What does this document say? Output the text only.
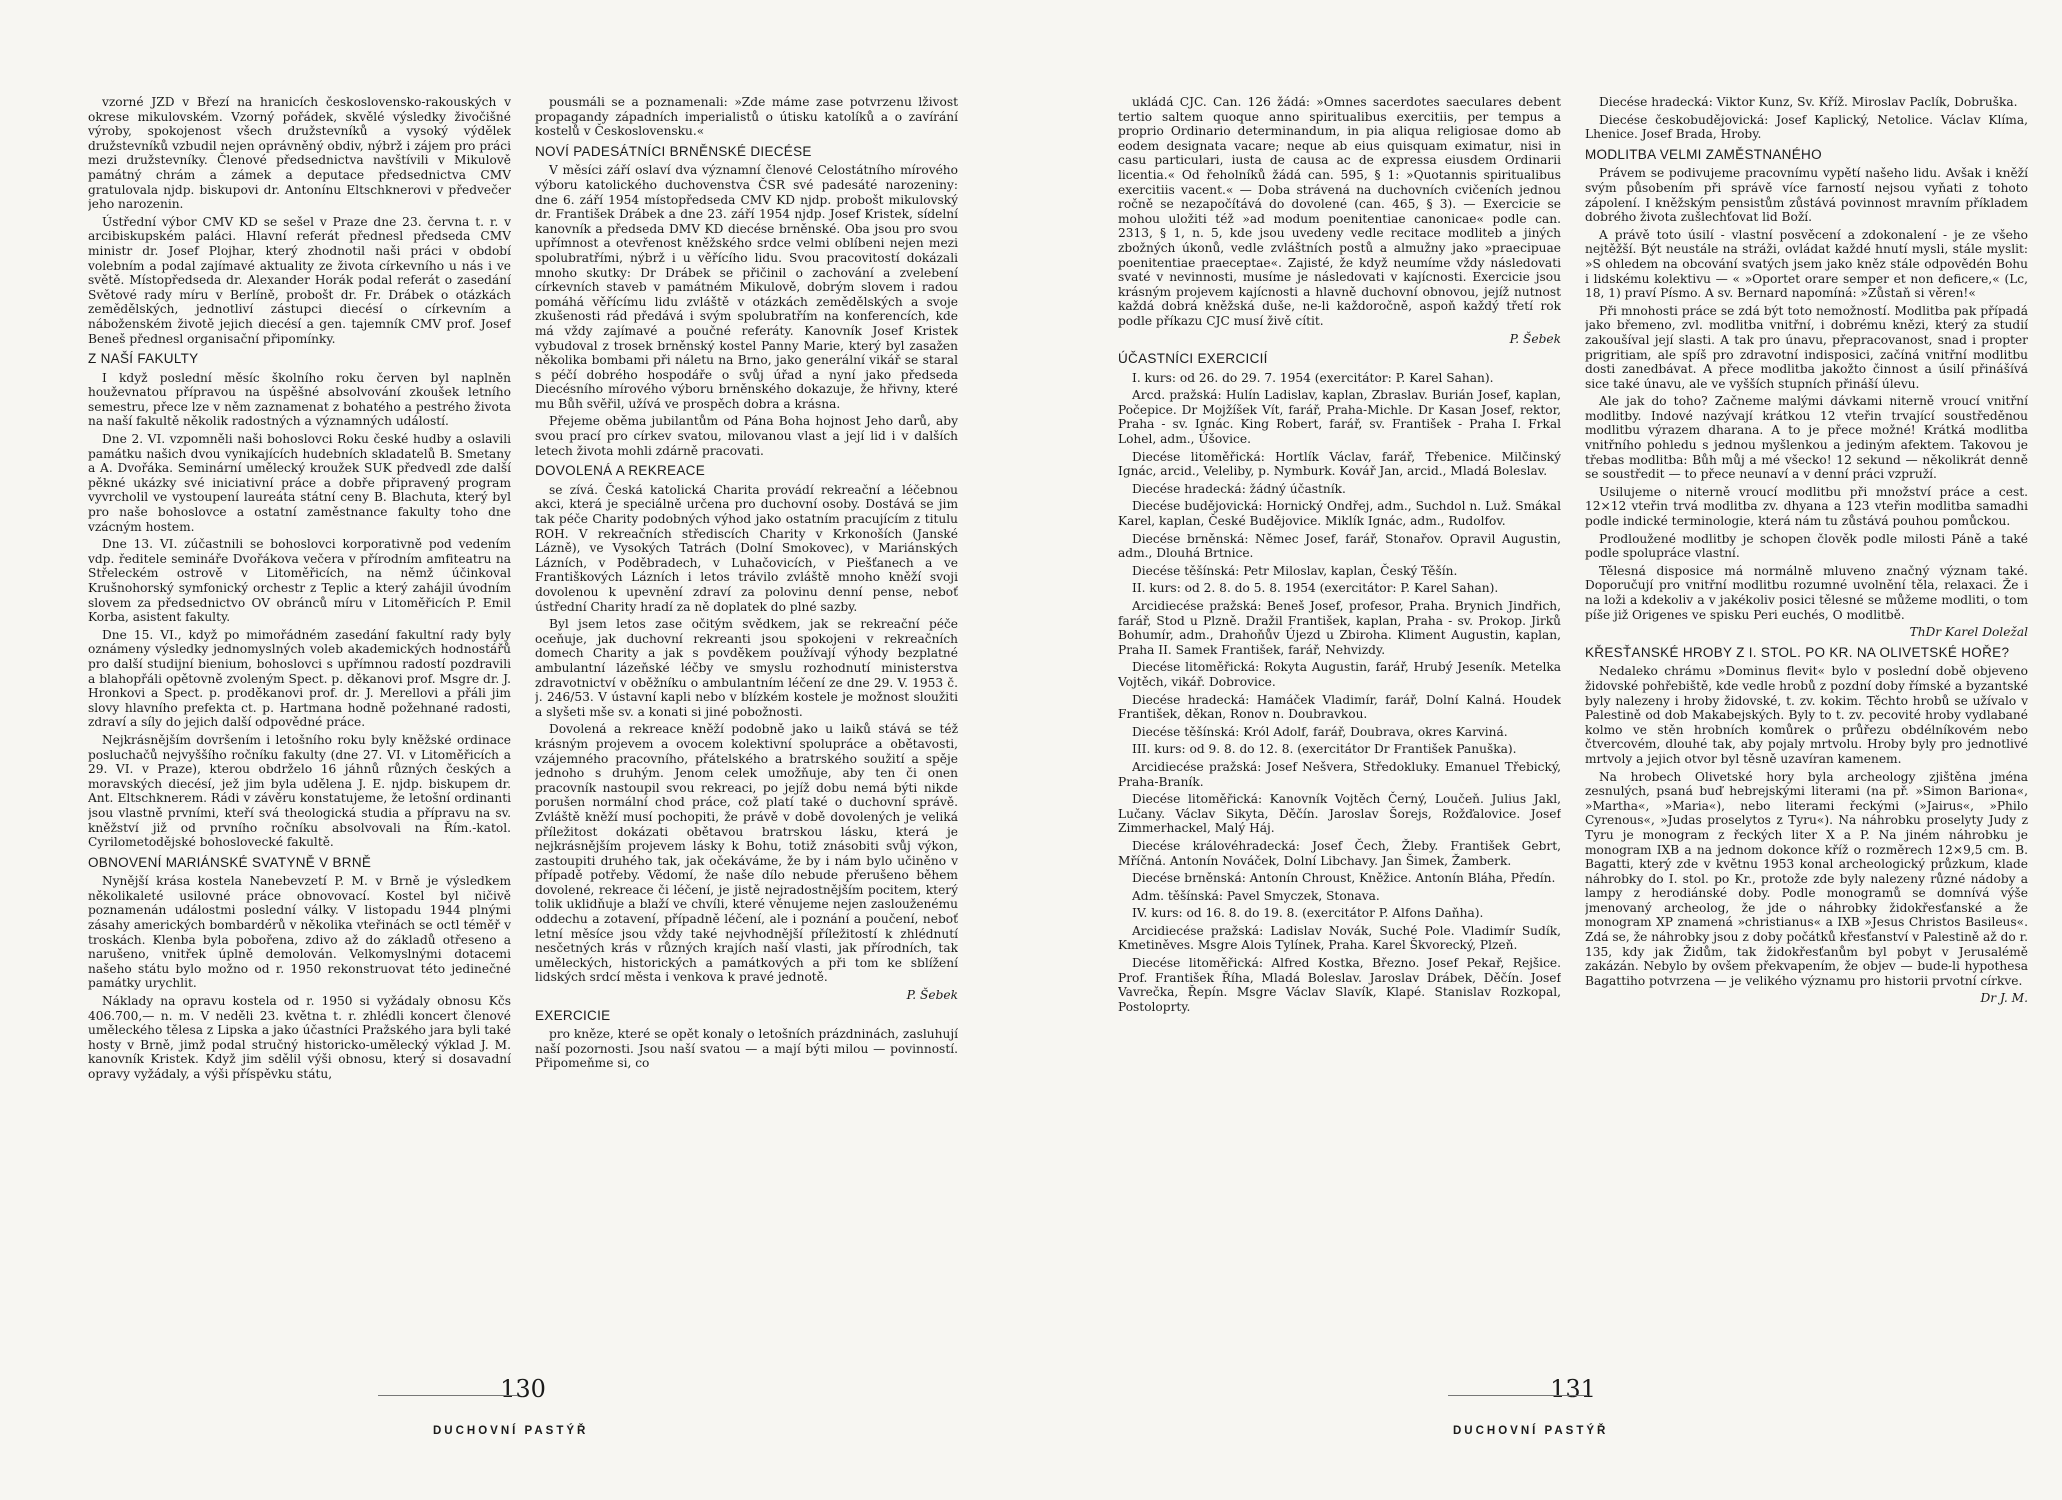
vzorné JZD v Březí na hranicích československo-rakouských v okrese mikulovském. Vzorný pořádek, skvělé výsledky živočišné výroby, spokojenost všech družstevníků a vysoký výdělek družstevníků vzbudil nejen oprávněný obdiv, nýbrž i zájem pro práci mezi družstevníky. Členové předsednictva navštívili v Mikulově památný chrám a zámek a deputace předsednictva CMV gratulovala njdp. biskupovi dr. Antonínu Eltschknerovi v předvečer jeho narozenin.

Ústřední výbor CMV KD se sešel v Praze dne 23. června t. r. v arcibiskupském paláci. Hlavní referát přednesl předseda CMV ministr dr. Josef Plojhar, který zhodnotil naši práci v období volebním a podal zajímavé aktuality ze života církevního u nás i ve světě. Místopředseda dr. Alexander Horák podal referát o zasedání Světové rady míru v Berlíně, probošt dr. Fr. Drábek o otázkách zemědělských, jednotliví zástupci diecésí o církevním a náboženském životě jejich diecésí a gen. tajemník CMV prof. Josef Beneš přednesl organisační připomínky.

Z NAŠÍ FAKULTY

I když poslední měsíc školního roku červen byl naplněn houževnatou přípravou na úspěšné absolvování zkoušek letního semestru, přece lze v něm zaznamenat z bohatého a pestrého života na naší fakultě několik radostných a významných událostí.

Dne 2. VI. vzpomněli naši bohoslovci Roku české hudby a oslavili památku našich dvou vynikajících hudebních skladatelů B. Smetany a A. Dvořáka. Seminární umělecký kroužek SUK předvedl zde další pěkné ukázky své iniciativní práce a dobře připravený program vyvrcholil ve vystoupení laureáta státní ceny B. Blachuta, který byl pro naše bohoslovce a ostatní zaměstnance fakulty toho dne vzácným hostem.

Dne 13. VI. zúčastnili se bohoslovci korporativně pod vedením vdp. ředitele semináře Dvořákova večera v přírodním amfiteatru na Střeleckém ostrově v Litoměřicích, na němž účinkoval Krušnohorský symfonický orchestr z Teplic a který zahájil úvodním slovem za předsednictvo OV obránců míru v Litoměřicích P. Emil Korba, asistent fakulty.

Dne 15. VI., když po mimořádném zasedání fakultní rady byly oznámeny výsledky jednomyslných voleb akademických hodnostářů pro další studijní bienium, bohoslovci s upřímnou radostí pozdravili a blahopřáli opětovně zvoleným Spect. p. děkanovi prof. Msgre dr. J. Hronkovi a Spect. p. proděkanovi prof. dr. J. Merellovi a přáli jim slovy hlavního prefekta ct. p. Hartmana hodně požehnané radosti, zdraví a síly do jejich další odpovědné práce.

Nejkrásnějším dovršením i letošního roku byly kněžské ordinace posluchačů nejvyššího ročníku fakulty (dne 27. VI. v Litoměřicích a 29. VI. v Praze), kterou obdrželo 16 jáhnů různých českých a moravských diecésí, jež jim byla udělena J. E. njdp. biskupem dr. Ant. Eltschknerem. Rádi v závěru konstatujeme, že letošní ordinanti jsou vlastně prvními, kteří svá theologická studia a přípravu na sv. kněžství již od prvního ročníku absolvovali na Řím.-katol. Cyrilometodějské bohoslovecké fakultě.

OBNOVENÍ MARIÁNSKÉ SVATYNĚ V BRNĚ

Nynější krása kostela Nanebevzetí P. M. v Brně je výsledkem několikaleté usilovné práce obnovovací. Kostel byl ničivě poznamenán událostmi poslední války. V listopadu 1944 plnými zásahy amerických bombardérů v několika vteřinách se octl téměř v troskách. Klenba byla pobořena, zdivo až do základů otřeseno a narušeno, vnitřek úplně demolován. Velkomyslnými dotacemi našeho státu bylo možno od r. 1950 rekonstruovat této jedinečné památky urychlit.

Náklady na opravu kostela od r. 1950 si vyžádaly obnosu Kčs 406.700,— n. m. V neděli 23. května t. r. zhlédli koncert členové uměleckého tělesa z Lipska a jako účastníci Pražského jara byli také hosty v Brně, jimž podal stručný historicko-umělecký výklad J. M. kanovník Kristek. Když jim sdělil výši obnosu, který si dosavadní opravy vyžádaly, a výši příspěvku státu,

pousmáli se a poznamenali: »Zde máme zase potvrzenu lživost propagandy západních imperialistů o útisku katolíků a o zavírání kostelů v Československu.«

NOVÍ PADESÁTNÍCI BRNĚNSKÉ DIECÉSE

V měsíci září oslaví dva významní členové Celostátního mírového výboru katolického duchovenstva ČSR své padesáté narozeniny: dne 6. září 1954 místopředseda CMV KD njdp. probošt mikulovský dr. František Drábek a dne 23. září 1954 njdp. Josef Kristek, sídelní kanovník a předseda DMV KD diecése brněnské. Oba jsou pro svou upřímnost a otevřenost kněžského srdce velmi oblíbeni nejen mezi spolubratřími, nýbrž i u věřícího lidu. Svou pracovitostí dokázali mnoho skutky: Dr Drábek se přičinil o zachování a zvelebení církevních staveb v památném Mikulově, dobrým slovem i radou pomáhá věřícímu lidu zvláště v otázkách zemědělských a svoje zkušenosti rád předává i svým spolubratřím na konferencích, kde má vždy zajímavé a poučné referáty. Kanovník Josef Kristek vybudoval z trosek brněnský kostel Panny Marie, který byl zasažen několika bombami při náletu na Brno, jako generální vikář se staral s péčí dobrého hospodáře o svůj úřad a nyní jako předseda Diecésního mírového výboru brněnského dokazuje, že hřivny, které mu Bůh svěřil, užívá ve prospěch dobra a krásna.

Přejeme oběma jubilantům od Pána Boha hojnost Jeho darů, aby svou prací pro církev svatou, milovanou vlast a její lid i v dalších letech života mohli zdárně pracovati.

DOVOLENÁ A REKREACE

se zívá. Česká katolická Charita provádí rekreační a léčebnou akci, která je speciálně určena pro duchovní osoby. Dostává se jim tak péče Charity podobných výhod jako ostatním pracujícím z titulu ROH. V rekreačních střediscích Charity v Krkonoších (Janské Lázně), ve Vysokých Tatrách (Dolní Smokovec), v Mariánských Lázních, v Poděbradech, v Luhačovicích, v Piešťanech a ve Františkových Lázních i letos trávilo zvláště mnoho kněží svoji dovolenou k upevnění zdraví za polovinu denní pense, neboť ústřední Charity hradí za ně doplatek do plné sazby.

Byl jsem letos zase očitým svědkem, jak se rekreační péče oceňuje, jak duchovní rekreanti jsou spokojeni v rekreačních domech Charity a jak s povděkem používají výhody bezplatné ambulantní lázeňské léčby ve smyslu rozhodnutí ministerstva zdravotnictví v oběžníku o ambulantním léčení ze dne 29. V. 1953 č. j. 246/53. V ústavní kapli nebo v blízkém kostele je možnost sloužiti a slyšeti mše sv. a konati si jiné pobožnosti.

Dovolená a rekreace kněží podobně jako u laiků stává se též krásným projevem a ovocem kolektivní spolupráce a obětavosti, vzájemného pracovního, přátelského a bratrského soužití a spěje jednoho s druhým. Jenom celek umožňuje, aby ten či onen pracovník nastoupil svou rekreaci, po jejíž dobu nemá býti nikde porušen normální chod práce, což platí také o duchovní správě. Zvláště kněží musí pochopiti, že právě v době dovolených je veliká příležitost dokázati obětavou bratrskou lásku, která je nejkrásnějším projevem lásky k Bohu, totiž znásobiti svůj výkon, zastoupiti druhého tak, jak očekáváme, že by i nám bylo učiněno v případě potřeby. Vědomí, že naše dílo nebude přerušeno během dovolené, rekreace či léčení, je jistě nejradostnějším pocitem, který tolik uklidňuje a blaží ve chvíli, které věnujeme nejen zaslouženému oddechu a zotavení, případně léčení, ale i poznání a poučení, neboť letní měsíce jsou vždy také nejvhodnější příležitostí k zhlédnutí nesčetných krás v různých krajích naší vlasti, jak přírodních, tak uměleckých, historických a památkových a při tom ke sblížení lidských srdcí města i venkova k pravé jednotě.

P. Šebek
EXERCICIE

pro kněze, které se opět konaly o letošních prázdninách, zasluhují naší pozornosti. Jsou naší svatou — a mají býti milou — povinností. Připomeňme si, co

130
DUCHOVNÍ PASTÝŘ

ukládá CJC. Can. 126 žádá: »Omnes sacerdotes saeculares debent tertio saltem quoque anno spiritualibus exercitiis, per tempus a proprio Ordinario determinandum, in pia aliqua religiosae domo ab eodem designata vacare; neque ab eius quisquam eximatur, nisi in casu particulari, iusta de causa ac de expressa eiusdem Ordinarii licentia.« Od řeholníků žádá can. 595, § 1: »Quotannis spiritualibus exercitiis vacent.« — Doba strávená na duchovních cvičeních jednou ročně se nezapočítává do dovolené (can. 465, § 3). — Exercicie se mohou uložiti též »ad modum poenitentiae canonicae« podle can. 2313, § 1, n. 5, kde jsou uvedeny vedle recitace modliteb a jiných zbožných úkonů, vedle zvláštních postů a almužny jako »praecipuae poenitentiae praeceptae«. Zajisté, že když neumíme vždy následovati svaté v nevinnosti, musíme je následovati v kajícnosti. Exercicie jsou krásným projevem kajícnosti a hlavně duchovní obnovou, jejíž nutnost každá dobrá kněžská duše, ne-li každoročně, aspoň každý třetí rok podle příkazu CJC musí živě cítit.

P. Šebek
ÚČASTNÍCI EXERCICIÍ

I. kurs: od 26. do 29. 7. 1954 (exercitátor: P. Karel Sahan).

Arcd. pražská: Hulín Ladislav, kaplan, Zbraslav. Burián Josef, kaplan, Počepice. Dr Mojžíšek Vít, farář, Praha-Michle. Dr Kasan Josef, rektor, Praha - sv. Ignác. King Robert, farář, sv. František - Praha I. Frkal Lohel, adm., Úšovice.

Diecése litoměřická: Hortlík Václav, farář, Třebenice. Milčinský Ignác, arcid., Veleliby, p. Nymburk. Kovář Jan, arcid., Mladá Boleslav.

Diecése hradecká: žádný účastník.

Diecése budějovická: Hornický Ondřej, adm., Suchdol n. Luž. Smákal Karel, kaplan, České Budějovice. Miklík Ignác, adm., Rudolfov.

Diecése brněnská: Němec Josef, farář, Stonařov. Opravil Augustin, adm., Dlouhá Brtnice.

Diecése těšínská: Petr Miloslav, kaplan, Český Těšín.

II. kurs: od 2. 8. do 5. 8. 1954 (exercitátor: P. Karel Sahan).

Arcidiecése pražská: Beneš Josef, profesor, Praha. Brynich Jindřich, farář, Stod u Plzně. Dražil František, kaplan, Praha - sv. Prokop. Jirků Bohumír, adm., Drahoňův Újezd u Zbiroha. Kliment Augustin, kaplan, Praha II. Samek František, farář, Nehvizdy.

Diecése litoměřická: Rokyta Augustin, farář, Hrubý Jeseník. Metelka Vojtěch, vikář. Dobrovice.

Diecése hradecká: Hamáček Vladimír, farář, Dolní Kalná. Houdek František, děkan, Ronov n. Doubravkou.

Diecése těšínská: Król Adolf, farář, Doubrava, okres Karviná.

III. kurs: od 9. 8. do 12. 8. (exercitátor Dr František Panuška).

Arcidiecése pražská: Josef Nešvera, Středokluky. Emanuel Třebický, Praha-Braník.

Diecése litoměřická: Kanovník Vojtěch Černý, Loučeň. Julius Jakl, Lučany. Václav Sikyta, Děčín. Jaroslav Šorejs, Rožďalovice. Josef Zimmerhackel, Malý Háj.

Diecése královéhradecká: Josef Čech, Žleby. František Gebrt, Mříčná. Antonín Nováček, Dolní Libchavy. Jan Šimek, Žamberk.

Diecése brněnská: Antonín Chroust, Kněžice. Antonín Bláha, Předín.

Adm. těšínská: Pavel Smyczek, Stonava.

IV. kurs: od 16. 8. do 19. 8. (exercitátor P. Alfons Daňha).

Arcidiecése pražská: Ladislav Novák, Suché Pole. Vladimír Sudík, Kmetiněves. Msgre Alois Tylínek, Praha. Karel Škvorecký, Plzeň.

Diecése litoměřická: Alfred Kostka, Březno. Josef Pekař, Rejšice. Prof. František Říha, Mladá Boleslav. Jaroslav Drábek, Děčín. Josef Vavrečka, Řepín. Msgre Václav Slavík, Klapé. Stanislav Rozkopal, Postoloprty.

Diecése hradecká: Viktor Kunz, Sv. Kříž. Miroslav Paclík, Dobruška.

Diecése českobudějovická: Josef Kaplický, Netolice. Václav Klíma, Lhenice. Josef Brada, Hroby.

MODLITBA VELMI ZAMĚSTNANÉHO

Právem se podivujeme pracovnímu vypětí našeho lidu. Avšak i kněží svým působením při správě více farností nejsou vyňati z tohoto zápolení. I kněžským pensistům zůstává povinnost mravním příkladem dobrého života zušlechťovat lid Boží.

A právě toto úsilí - vlastní posvěcení a zdokonalení - je ze všeho nejtěžší. Být neustále na stráži, ovládat každé hnutí mysli, stále myslit: »S ohledem na obcování svatých jsem jako kněz stále odpovědén Bohu i lidskému kolektivu — « »Oportet orare semper et non deficere,« (Lc, 18, 1) praví Písmo. A sv. Bernard napomíná: »Zůstaň si věren!«

Při mnohosti práce se zdá být toto nemožností. Modlitba pak případá jako břemeno, zvl. modlitba vnitřní, i dobrému knězi, který za studií zakoušíval její slasti. A tak pro únavu, přepracovanost, snad i propter prigritiam, ale spíš pro zdravotní indisposici, začíná vnitřní modlitbu dosti zanedbávat. A přece modlitba jakožto činnost a úsilí přinášívá sice také únavu, ale ve vyšších stupních přináší úlevu.

Ale jak do toho? Začneme malými dávkami niterně vroucí vnitřní modlitby. Indové nazývají krátkou 12 vteřin trvající soustředěnou modlitbu výrazem dharana. A to je přece možné! Krátká modlitba vnitřního pohledu s jednou myšlenkou a jediným afektem. Takovou je třebas modlitba: Bůh můj a mé všecko! 12 sekund — několikrát denně se soustředit — to přece neunaví a v denní práci vzpruží.

Usilujeme o niterně vroucí modlitbu při množství práce a cest. 12×12 vteřin trvá modlitba zv. dhyana a 123 vteřin modlitba samadhi podle indické terminologie, která nám tu zůstává pouhou pomůckou.

Prodloužené modlitby je schopen člověk podle milosti Páně a také podle spolupráce vlastní.

Tělesná disposice má normálně mluveno značný význam také. Doporučují pro vnitřní modlitbu rozumné uvolnění těla, relaxaci. Že i na loži a kdekoliv a v jakékoliv posici tělesné se můžeme modliti, o tom píše již Origenes ve spisku Peri euchés, O modlitbě.

ThDr Karel Doležal
KŘESŤANSKÉ HROBY Z I. STOL. PO KR. NA OLIVETSKÉ HOŘE?

Nedaleko chrámu »Dominus flevit« bylo v poslední době objeveno židovské pohřebiště, kde vedle hrobů z pozdní doby římské a byzantské byly nalezeny i hroby židovské, t. zv. kokim. Těchto hrobů se užívalo v Palestině od dob Makabejských. Byly to t. zv. pecovité hroby vydlabané kolmo ve stěn hrobních komůrek o průřezu obdélníkovém nebo čtvercovém, dlouhé tak, aby pojaly mrtvolu. Hroby byly pro jednotlivé mrtvoly a jejich otvor byl těsně uzavíran kamenem.

Na hrobech Olivetské hory byla archeology zjištěna jména zesnulých, psaná buď hebrejskými literami (na př. »Simon Bariona«, »Martha«, »Maria«), nebo literami řeckými (»Jairus«, »Philo Cyrenous«, »Judas proselytos z Tyru«). Na náhrobku proselyty Judy z Tyru je monogram z řeckých liter X a P. Na jiném náhrobku je monogram IXB a na jednom dokonce kříž o rozměrech 12×9,5 cm. B. Bagatti, který zde v květnu 1953 konal archeologický průzkum, klade náhrobky do I. stol. po Kr., protože zde byly nalezeny různé nádoby a lampy z herodiánské doby. Podle monogramů se domnívá výše jmenovaný archeolog, že jde o náhrobky židokřesťanské a že monogram XP znamená »christianus« a IXB »Jesus Christos Basileus«. Zdá se, že náhrobky jsou z doby počátků křesťanství v Palestině až do r. 135, kdy jak Židům, tak židokřesťanům byl pobyt v Jerusalémě zakázán. Nebylo by ovšem překvapením, že objev — bude-li hypothesa Bagattiho potvrzena — je velikého významu pro historii prvotní církve.

Dr J. M.
131
DUCHOVNÍ PASTÝŘ
